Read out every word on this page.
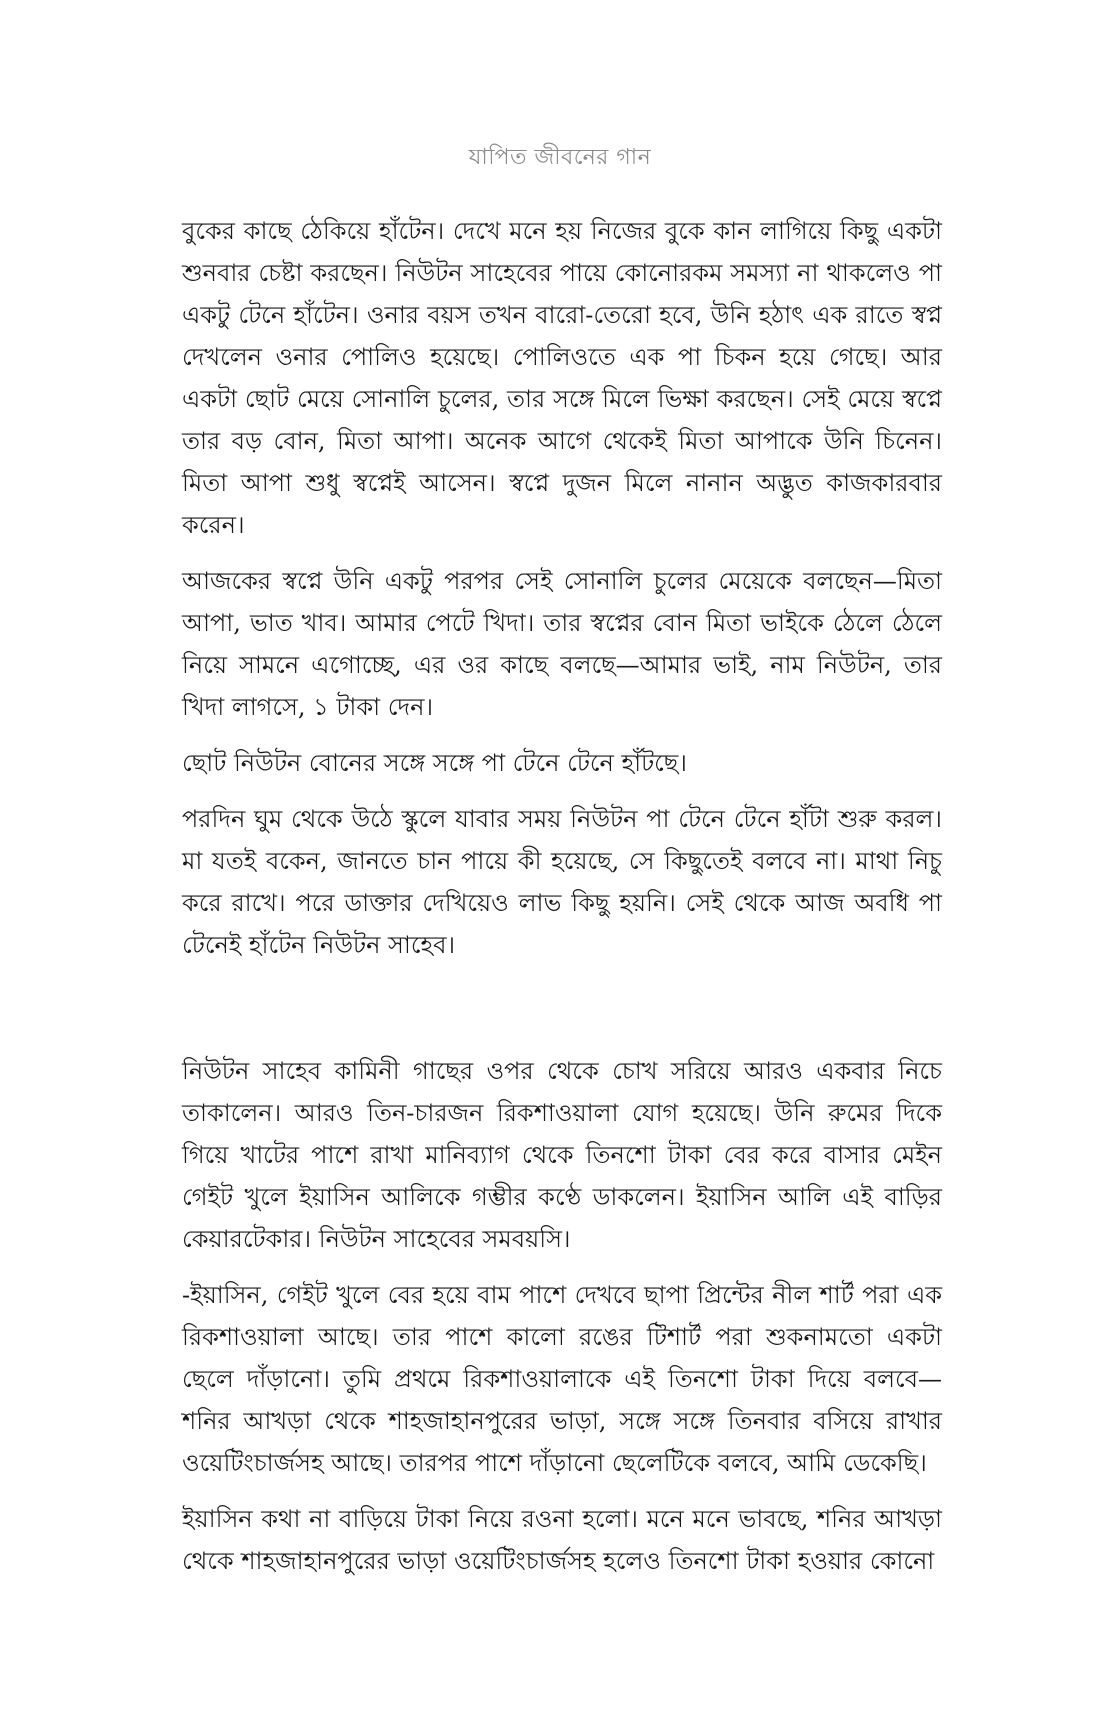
যাপিত জীবনের গান

বুকের কাছে ঠেকিয়ে হাঁটেন। দেখে মনে হয় নিজের বুকে কান লাগিয়ে কিছু একটা শুনবার চেষ্টা করছেন। নিউটন সাহেবের পায়ে কোনোরকম সমস্যা না থাকলেও পা একটু টেনে হাঁটেন। ওনার বয়স তখন বারো-তেরো হবে, উনি হঠাৎ এক রাতে স্বপ্ন দেখলেন ওনার পোলিও হয়েছে। পোলিওতে এক পা চিকন হয়ে গেছে। আর একটা ছোট মেয়ে সোনালি চুলের, তার সঙ্গে মিলে ভিক্ষা করছেন। সেই মেয়ে স্বপ্নে তার বড় বোন, মিতা আপা। অনেক আগে থেকেই মিতা আপাকে উনি চিনেন। মিতা আপা শুধু স্বপ্নেই আসেন। স্বপ্নে দুজন মিলে নানান অদ্ভুত কাজকারবার করেন।

আজকের স্বপ্নে উনি একটু পরপর সেই সোনালি চুলের মেয়েকে বলছেন—মিতা আপা, ভাত খাব। আমার পেটে খিদা। তার স্বপ্নের বোন মিতা ভাইকে ঠেলে ঠেলে নিয়ে সামনে এগোচ্ছে, এর ওর কাছে বলছে—আমার ভাই, নাম নিউটন, তার খিদা লাগসে, ১ টাকা দেন।

ছোট নিউটন বোনের সঙ্গে সঙ্গে পা টেনে টেনে হাঁটছে।

পরদিন ঘুম থেকে উঠে স্কুলে যাবার সময় নিউটন পা টেনে টেনে হাঁটা শুরু করল। মা যতই বকেন, জানতে চান পায়ে কী হয়েছে, সে কিছুতেই বলবে না। মাথা নিচু করে রাখে। পরে ডাক্তার দেখিয়েও লাভ কিছু হয়নি। সেই থেকে আজ অবধি পা টেনেই হাঁটেন নিউটন সাহেব।

নিউটন সাহেব কামিনী গাছের ওপর থেকে চোখ সরিয়ে আরও একবার নিচে তাকালেন। আরও তিন-চারজন রিকশাওয়ালা যোগ হয়েছে। উনি রুমের দিকে গিয়ে খাটের পাশে রাখা মানিব্যাগ থেকে তিনশো টাকা বের করে বাসার মেইন গেইট খুলে ইয়াসিন আলিকে গম্ভীর কণ্ঠে ডাকলেন। ইয়াসিন আলি এই বাড়ির কেয়ারটেকার। নিউটন সাহেবের সমবয়সি।

-ইয়াসিন, গেইট খুলে বের হয়ে বাম পাশে দেখবে ছাপা প্রিন্টের নীল শার্ট পরা এক রিকশাওয়ালা আছে। তার পাশে কালো রঙের টিশার্ট পরা শুকনামতো একটা ছেলে দাঁড়ানো। তুমি প্রথমে রিকশাওয়ালাকে এই তিনশো টাকা দিয়ে বলবে—শনির আখড়া থেকে শাহজাহানপুরের ভাড়া, সঙ্গে সঙ্গে তিনবার বসিয়ে রাখার ওয়েটিংচার্জসহ আছে। তারপর পাশে দাঁড়ানো ছেলেটিকে বলবে, আমি ডেকেছি।

ইয়াসিন কথা না বাড়িয়ে টাকা নিয়ে রওনা হলো। মনে মনে ভাবছে, শনির আখড়া থেকে শাহজাহানপুরের ভাড়া ওয়েটিংচার্জসহ হলেও তিনশো টাকা হওয়ার কোনো
